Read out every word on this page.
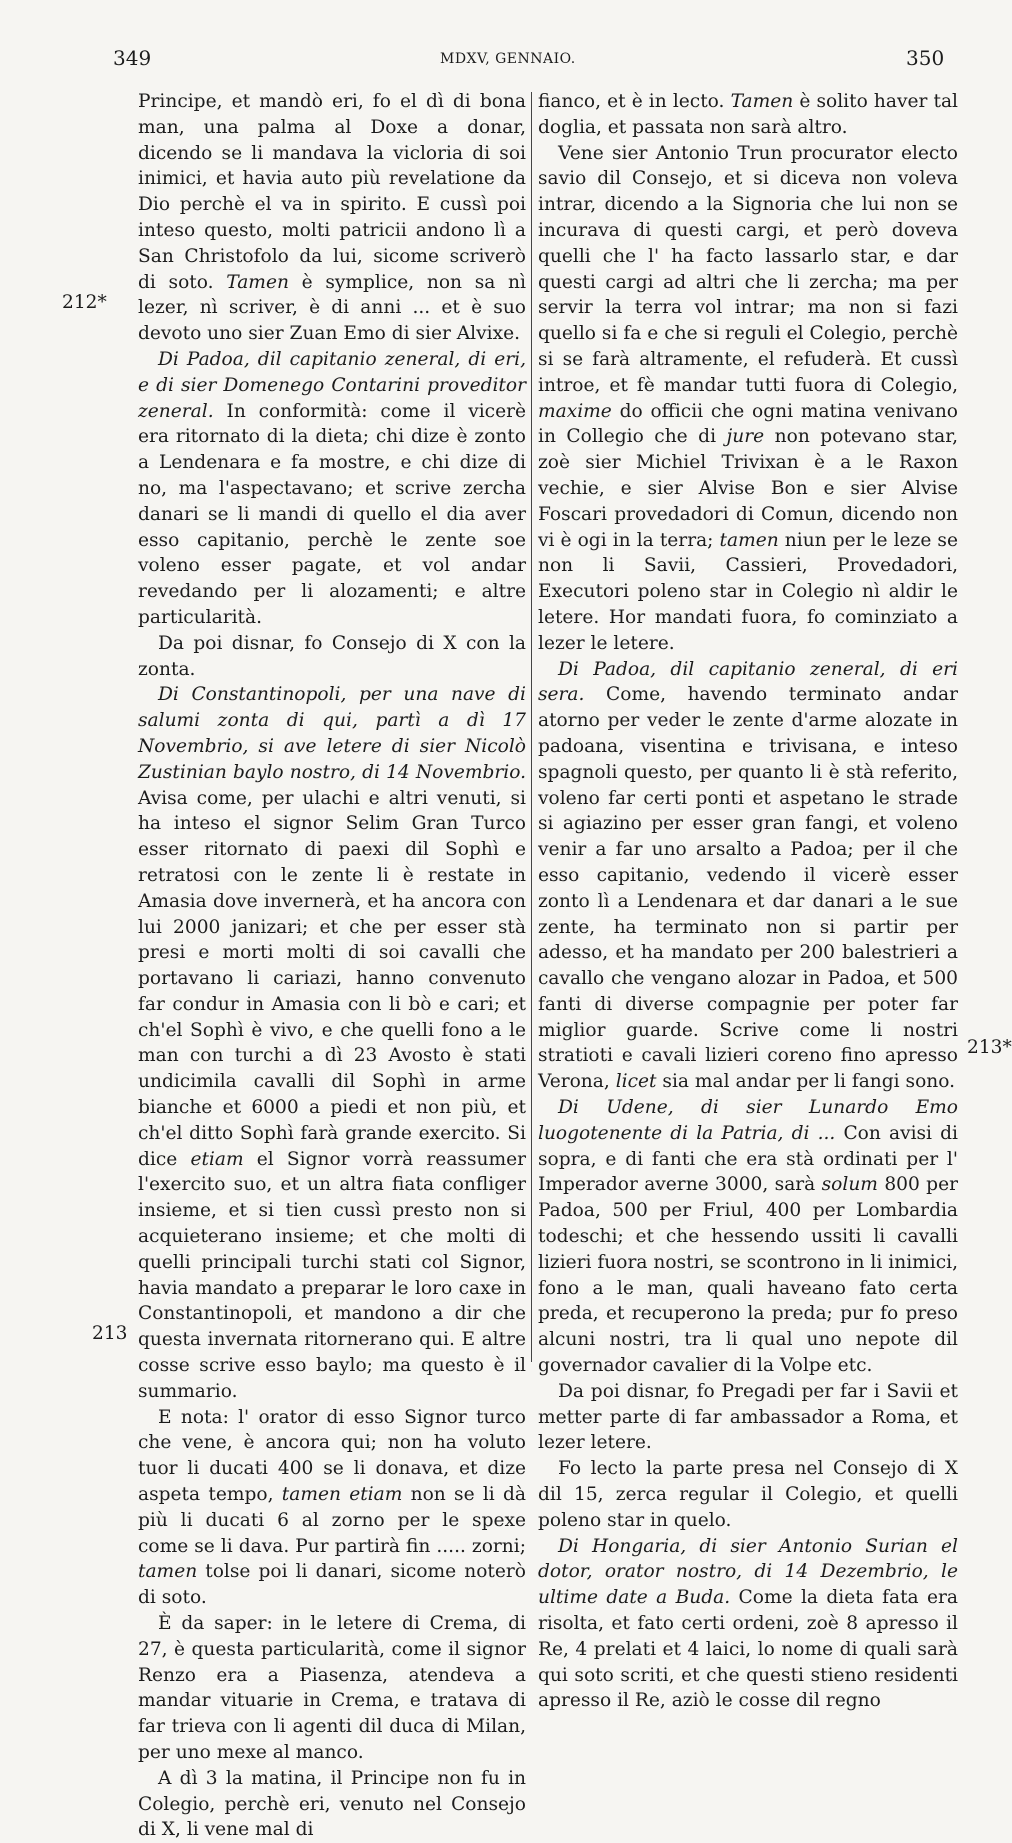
349	MDXV, GENNAIO.	350
212*
213
213*

Principe, et mandò eri, fo el dì di bona man, una palma al Doxe a donar, dicendo se li mandava la vicloria di soi inimici, et havia auto più revelatione da Dio perchè el va in spirito. E cussì poi inteso questo, molti patricii andono lì a San Christofolo da lui, sicome scriverò di soto. Tamen è symplice, non sa nì lezer, nì scriver, è di anni ... et è suo devoto uno sier Zuan Emo di sier Alvixe.

Di Padoa, dil capitanio zeneral, di eri, e di sier Domenego Contarini proveditor zeneral. In conformità: come il vicerè era ritornato di la dieta; chi dize è zonto a Lendenara e fa mostre, e chi dize di no, ma l'aspectavano; et scrive zercha danari se li mandi di quello el dia aver esso capitanio, perchè le zente soe voleno esser pagate, et vol andar revedando per li alozamenti; e altre particularità.

Da poi disnar, fo Consejo di X con la zonta.

Di Constantinopoli, per una nave di salumi zonta di qui, partì a dì 17 Novembrio, si ave letere di sier Nicolò Zustinian baylo nostro, di 14 Novembrio. Avisa come, per ulachi e altri venuti, si ha inteso el signor Selim Gran Turco esser ritornato di paexi dil Sophì e retratosi con le zente li è restate in Amasia dove invernerà, et ha ancora con lui 2000 janizari; et che per esser stà presi e morti molti di soi cavalli che portavano li cariazi, hanno convenuto far condur in Amasia con li bò e cari; et ch'el Sophì è vivo, e che quelli fono a le man con turchi a dì 23 Avosto è stati undicimila cavalli dil Sophì in arme bianche et 6000 a piedi et non più, et ch'el ditto Sophì farà grande exercito. Si dice etiam el Signor vorrà reassumer l'exercito suo, et un altra fiata confliger insieme, et si tien cussì presto non si acquieterano insieme; et che molti di quelli principali turchi stati col Signor, havia mandato a preparar le loro caxe in Constantinopoli, et mandono a dir che questa invernata ritornerano qui. E altre cosse scrive esso baylo; ma questo è il summario.

E nota: l' orator di esso Signor turco che vene, è ancora qui; non ha voluto tuor li ducati 400 se li donava, et dize aspeta tempo, tamen etiam non se li dà più li ducati 6 al zorno per le spexe come se li dava. Pur partirà fin ..... zorni; tamen tolse poi li danari, sicome noterò di soto.

È da saper: in le letere di Crema, di 27, è questa particularità, come il signor Renzo era a Piasenza, atendeva a mandar vituarie in Crema, e tratava di far trieva con li agenti dil duca di Milan, per uno mexe al manco.

A dì 3 la matina, il Principe non fu in Colegio, perchè eri, venuto nel Consejo di X, li vene mal di

fianco, et è in lecto. Tamen è solito haver tal doglia, et passata non sarà altro.

Vene sier Antonio Trun procurator electo savio dil Consejo, et si diceva non voleva intrar, dicendo a la Signoria che lui non se incurava di questi cargi, et però doveva quelli che l' ha facto lassarlo star, e dar questi cargi ad altri che li zercha; ma per servir la terra vol intrar; ma non si fazi quello si fa e che si reguli el Colegio, perchè si se farà altramente, el refuderà. Et cussì introe, et fè mandar tutti fuora di Colegio, maxime do officii che ogni matina venivano in Collegio che di jure non potevano star, zoè sier Michiel Trivixan è a le Raxon vechie, e sier Alvise Bon e sier Alvise Foscari provedadori di Comun, dicendo non vi è ogi in la terra; tamen niun per le leze se non li Savii, Cassieri, Provedadori, Executori poleno star in Colegio nì aldir le letere. Hor mandati fuora, fo cominziato a lezer le letere.

Di Padoa, dil capitanio zeneral, di eri sera. Come, havendo terminato andar atorno per veder le zente d'arme alozate in padoana, visentina e trivisana, e inteso spagnoli questo, per quanto li è stà referito, voleno far certi ponti et aspetano le strade si agiazino per esser gran fangi, et voleno venir a far uno arsalto a Padoa; per il che esso capitanio, vedendo il vicerè esser zonto lì a Lendenara et dar danari a le sue zente, ha terminato non si partir per adesso, et ha mandato per 200 balestrieri a cavallo che vengano alozar in Padoa, et 500 fanti di diverse compagnie per poter far miglior guarde. Scrive come li nostri stratioti e cavali lizieri coreno fino apresso Verona, licet sia mal andar per li fangi sono.

Di Udene, di sier Lunardo Emo luogotenente di la Patria, di ... Con avisi di sopra, e di fanti che era stà ordinati per l' Imperador averne 3000, sarà solum 800 per Padoa, 500 per Friul, 400 per Lombardia todeschi; et che hessendo ussiti li cavalli lizieri fuora nostri, se scontrono in li inimici, fono a le man, quali haveano fato certa preda, et recuperono la preda; pur fo preso alcuni nostri, tra li qual uno nepote dil governador cavalier di la Volpe etc.

Da poi disnar, fo Pregadi per far i Savii et metter parte di far ambassador a Roma, et lezer letere.

Fo lecto la parte presa nel Consejo di X dil 15, zerca regular il Colegio, et quelli poleno star in quelo.

Di Hongaria, di sier Antonio Surian el dotor, orator nostro, di 14 Dezembrio, le ultime date a Buda. Come la dieta fata era risolta, et fato certi ordeni, zoè 8 apresso il Re, 4 prelati et 4 laici, lo nome di quali sarà qui soto scriti, et che questi stieno residenti apresso il Re, aziò le cosse dil regno
